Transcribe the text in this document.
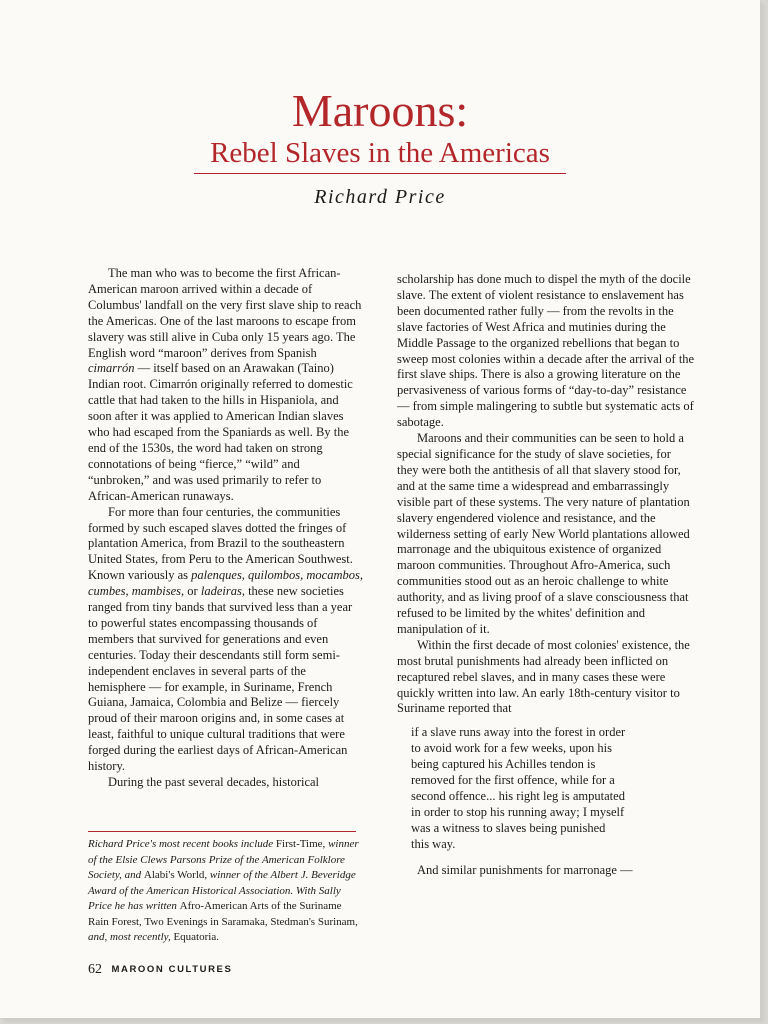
Maroons:
Rebel Slaves in the Americas
Richard Price

The man who was to become the first African-American maroon arrived within a decade of Columbus' landfall on the very first slave ship to reach the Americas. One of the last maroons to escape from slavery was still alive in Cuba only 15 years ago. The English word “maroon” derives from Spanish cimarrón — itself based on an Arawakan (Taino) Indian root. Cimarrón originally referred to domestic cattle that had taken to the hills in Hispaniola, and soon after it was applied to American Indian slaves who had escaped from the Spaniards as well. By the end of the 1530s, the word had taken on strong connotations of being “fierce,” “wild” and “unbroken,” and was used primarily to refer to African-American runaways.

For more than four centuries, the communities formed by such escaped slaves dotted the fringes of plantation America, from Brazil to the southeastern United States, from Peru to the American Southwest. Known variously as palenques, quilombos, mocambos, cumbes, mambises, or ladeiras, these new societies ranged from tiny bands that survived less than a year to powerful states encompassing thousands of members that survived for generations and even centuries. Today their descendants still form semi-independent enclaves in several parts of the hemisphere — for example, in Suriname, French Guiana, Jamaica, Colombia and Belize — fiercely proud of their maroon origins and, in some cases at least, faithful to unique cultural traditions that were forged during the earliest days of African-American history.

During the past several decades, historical

Richard Price's most recent books include First-Time, winner of the Elsie Clews Parsons Prize of the American Folklore Society, and Alabi's World, winner of the Albert J. Beveridge Award of the American Historical Association. With Sally Price he has written Afro-American Arts of the Suriname Rain Forest, Two Evenings in Saramaka, Stedman's Surinam, and, most recently, Equatoria.

scholarship has done much to dispel the myth of the docile slave. The extent of violent resistance to enslavement has been documented rather fully — from the revolts in the slave factories of West Africa and mutinies during the Middle Passage to the organized rebellions that began to sweep most colonies within a decade after the arrival of the first slave ships. There is also a growing literature on the pervasiveness of various forms of “day-to-day” resistance — from simple malingering to subtle but systematic acts of sabotage.

Maroons and their communities can be seen to hold a special significance for the study of slave societies, for they were both the antithesis of all that slavery stood for, and at the same time a widespread and embarrassingly visible part of these systems. The very nature of plantation slavery engendered violence and resistance, and the wilderness setting of early New World plantations allowed marronage and the ubiquitous existence of organized maroon communities. Throughout Afro-America, such communities stood out as an heroic challenge to white authority, and as living proof of a slave consciousness that refused to be limited by the whites' definition and manipulation of it.

Within the first decade of most colonies' existence, the most brutal punishments had already been inflicted on recaptured rebel slaves, and in many cases these were quickly written into law. An early 18th-century visitor to Suriname reported that

if a slave runs away into the forest in order
to avoid work for a few weeks, upon his
being captured his Achilles tendon is
removed for the first offence, while for a
second offence... his right leg is amputated
in order to stop his running away; I myself
was a witness to slaves being punished
this way.

And similar punishments for marronage —

62 MAROON CULTURES
